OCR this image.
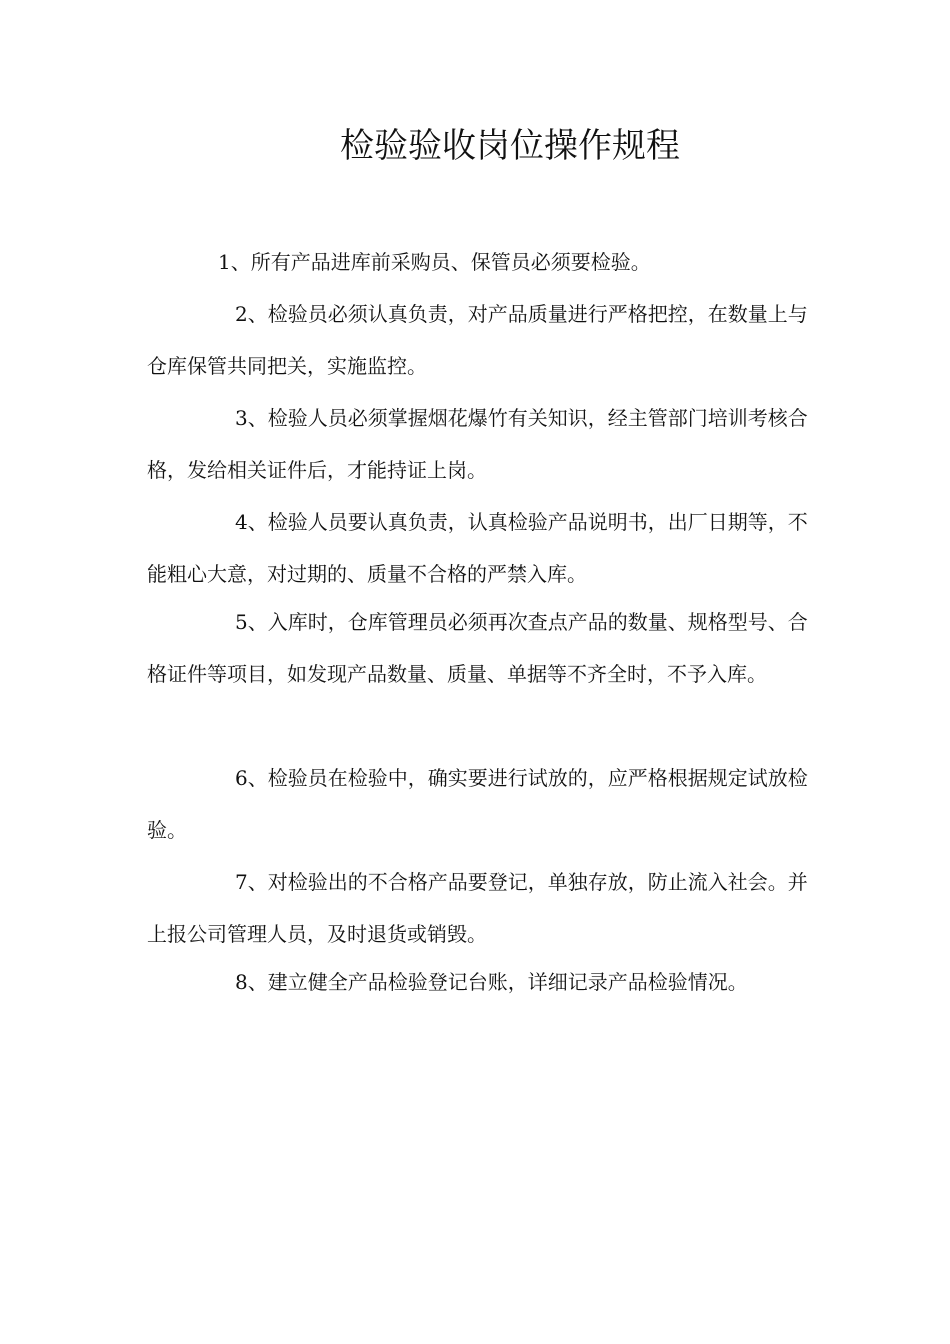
检验验收岗位操作规程

1、所有产品进库前采购员、保管员必须要检验。

2、检验员必须认真负责，对产品质量进行严格把控，在数量上与仓库保管共同把关，实施监控。

3、检验人员必须掌握烟花爆竹有关知识，经主管部门培训考核合格，发给相关证件后，才能持证上岗。

4、检验人员要认真负责，认真检验产品说明书，出厂日期等，不能粗心大意，对过期的、质量不合格的严禁入库。

5、入库时，仓库管理员必须再次查点产品的数量、规格型号、合格证件等项目，如发现产品数量、质量、单据等不齐全时，不予入库。

6、检验员在检验中，确实要进行试放的，应严格根据规定试放检验。

7、对检验出的不合格产品要登记，单独存放，防止流入社会。并上报公司管理人员，及时退货或销毁。

8、建立健全产品检验登记台账，详细记录产品检验情况。
